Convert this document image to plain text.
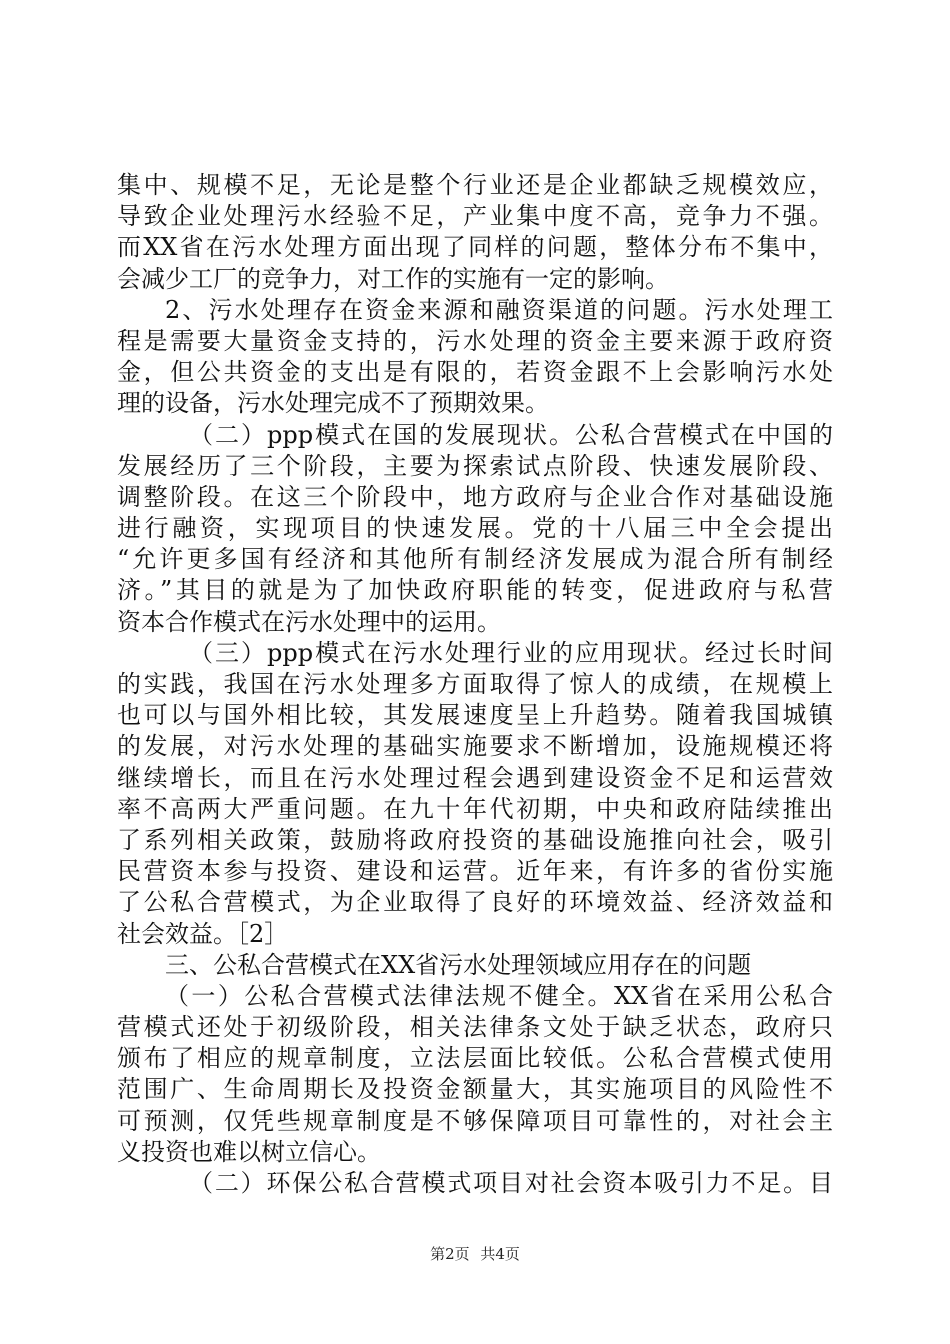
集中、规模不足，无论是整个行业还是企业都缺乏规模效应，
导致企业处理污水经验不足，产业集中度不高，竞争力不强。
而XX省在污水处理方面出现了同样的问题，整体分布不集中，
会减少工厂的竞争力，对工作的实施有一定的影响。
2、污水处理存在资金来源和融资渠道的问题。污水处理工
程是需要大量资金支持的，污水处理的资金主要来源于政府资
金，但公共资金的支出是有限的，若资金跟不上会影响污水处
理的设备，污水处理完成不了预期效果。
（二）ppp模式在国的发展现状。公私合营模式在中国的
发展经历了三个阶段，主要为探索试点阶段、快速发展阶段、
调整阶段。在这三个阶段中，地方政府与企业合作对基础设施
进行融资，实现项目的快速发展。党的十八届三中全会提出
“允许更多国有经济和其他所有制经济发展成为混合所有制经
济。”其目的就是为了加快政府职能的转变，促进政府与私营
资本合作模式在污水处理中的运用。
（三）ppp模式在污水处理行业的应用现状。经过长时间
的实践，我国在污水处理多方面取得了惊人的成绩，在规模上
也可以与国外相比较，其发展速度呈上升趋势。随着我国城镇
的发展，对污水处理的基础实施要求不断增加，设施规模还将
继续增长，而且在污水处理过程会遇到建设资金不足和运营效
率不高两大严重问题。在九十年代初期，中央和政府陆续推出
了系列相关政策，鼓励将政府投资的基础设施推向社会，吸引
民营资本参与投资、建设和运营。近年来，有许多的省份实施
了公私合营模式，为企业取得了良好的环境效益、经济效益和
社会效益。［2］
三、公私合营模式在XX省污水处理领域应用存在的问题
（一）公私合营模式法律法规不健全。XX省在采用公私合
营模式还处于初级阶段，相关法律条文处于缺乏状态，政府只
颁布了相应的规章制度，立法层面比较低。公私合营模式使用
范围广、生命周期长及投资金额量大，其实施项目的风险性不
可预测，仅凭些规章制度是不够保障项目可靠性的，对社会主
义投资也难以树立信心。
（二）环保公私合营模式项目对社会资本吸引力不足。目
第2页 共4页
